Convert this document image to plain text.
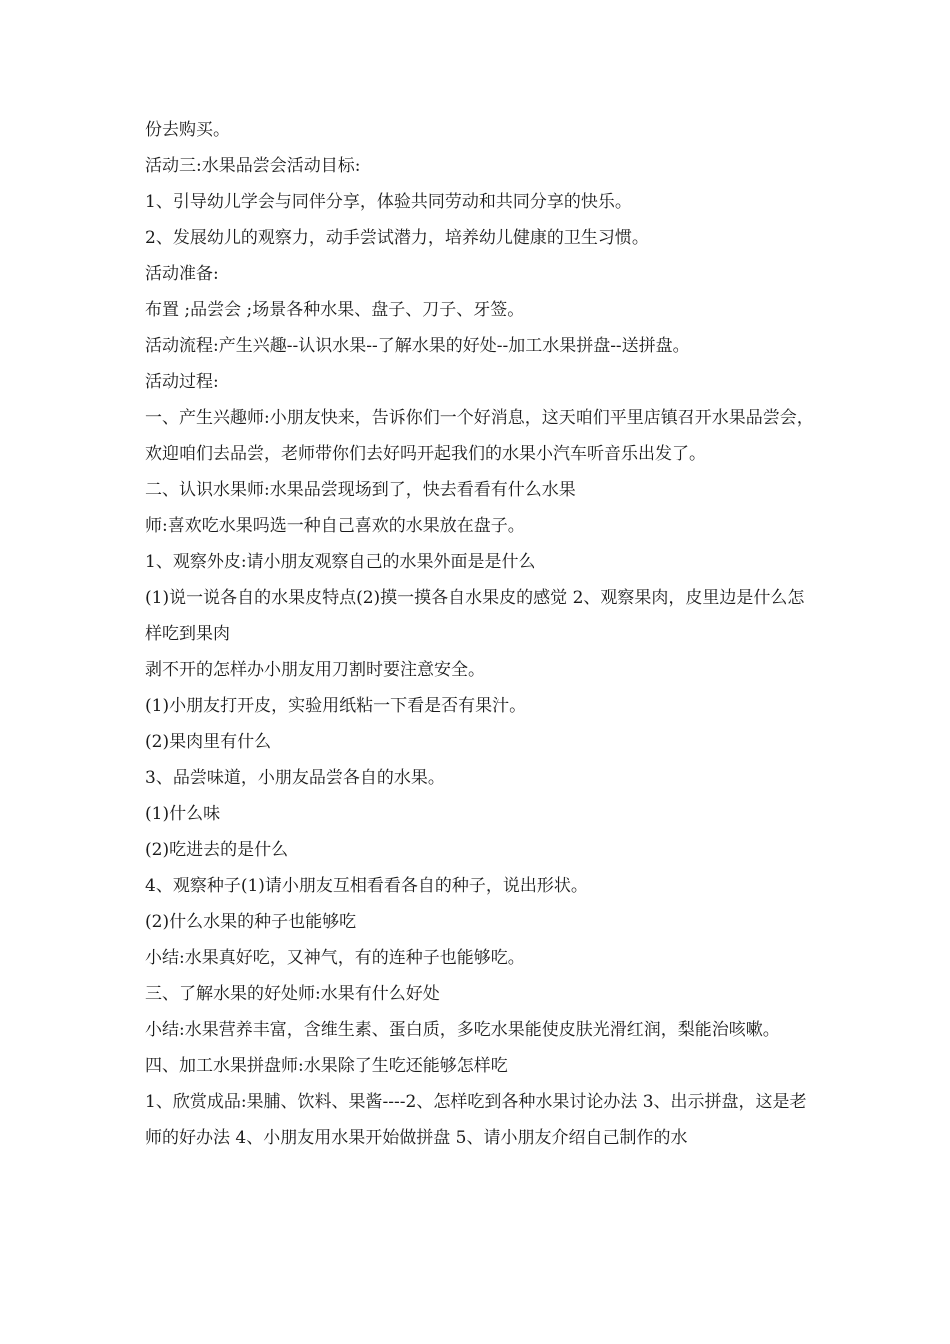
份去购买。

活动三:水果品尝会活动目标:

1、引导幼儿学会与同伴分享，体验共同劳动和共同分享的快乐。

2、发展幼儿的观察力，动手尝试潜力，培养幼儿健康的卫生习惯。

活动准备:

布置 ;品尝会 ;场景各种水果、盘子、刀子、牙签。

活动流程:产生兴趣--认识水果--了解水果的好处--加工水果拼盘--送拼盘。

活动过程:

一、产生兴趣师:小朋友快来，告诉你们一个好消息，这天咱们平里店镇召开水果品尝会，欢迎咱们去品尝，老师带你们去好吗开起我们的水果小汽车听音乐出发了。

二、认识水果师:水果品尝现场到了，快去看看有什么水果

师:喜欢吃水果吗选一种自己喜欢的水果放在盘子。

1、观察外皮:请小朋友观察自己的水果外面是是什么

(1)说一说各自的水果皮特点(2)摸一摸各自水果皮的感觉 2、观察果肉，皮里边是什么怎样吃到果肉

剥不开的怎样办小朋友用刀割时要注意安全。

(1)小朋友打开皮，实验用纸粘一下看是否有果汁。

(2)果肉里有什么

3、品尝味道，小朋友品尝各自的水果。

(1)什么味

(2)吃进去的是什么

4、观察种子(1)请小朋友互相看看各自的种子，说出形状。

(2)什么水果的种子也能够吃

小结:水果真好吃，又神气，有的连种子也能够吃。

三、了解水果的好处师:水果有什么好处

小结:水果营养丰富，含维生素、蛋白质，多吃水果能使皮肤光滑红润，梨能治咳嗽。

四、加工水果拼盘师:水果除了生吃还能够怎样吃

1、欣赏成品:果脯、饮料、果酱----2、怎样吃到各种水果讨论办法 3、出示拼盘，这是老师的好办法 4、小朋友用水果开始做拼盘 5、请小朋友介绍自己制作的水
